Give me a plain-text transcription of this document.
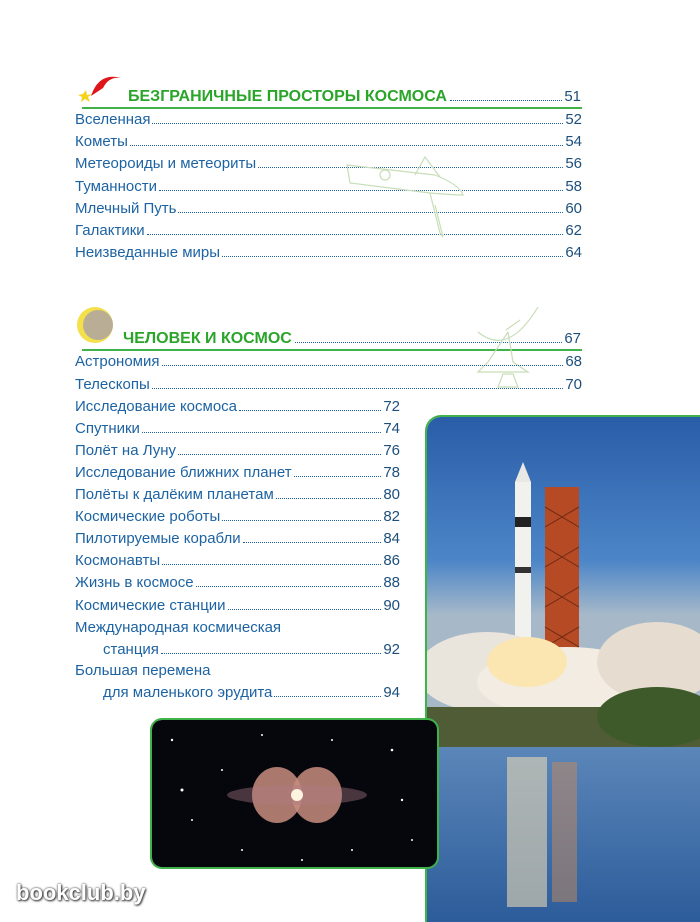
БЕЗГРАНИЧНЫЕ ПРОСТОРЫ КОСМОСА	51
Вселенная	52
Кометы	54
Метеороиды и метеориты	56
Туманности	58
Млечный Путь	60
Галактики	62
Неизведанные миры	64
ЧЕЛОВЕК И КОСМОС	67
Астрономия	68
Телескопы	70
Исследование космоса	72
Спутники	74
Полёт на Луну	76
Исследование ближних планет	78
Полёты к далёким планетам	80
Космические роботы	82
Пилотируемые корабли	84
Космонавты	86
Жизнь в космосе	88
Космические станции	90
Международная космическая
станция	92
Большая перемена
для маленького эрудита	94
bookclub.by
